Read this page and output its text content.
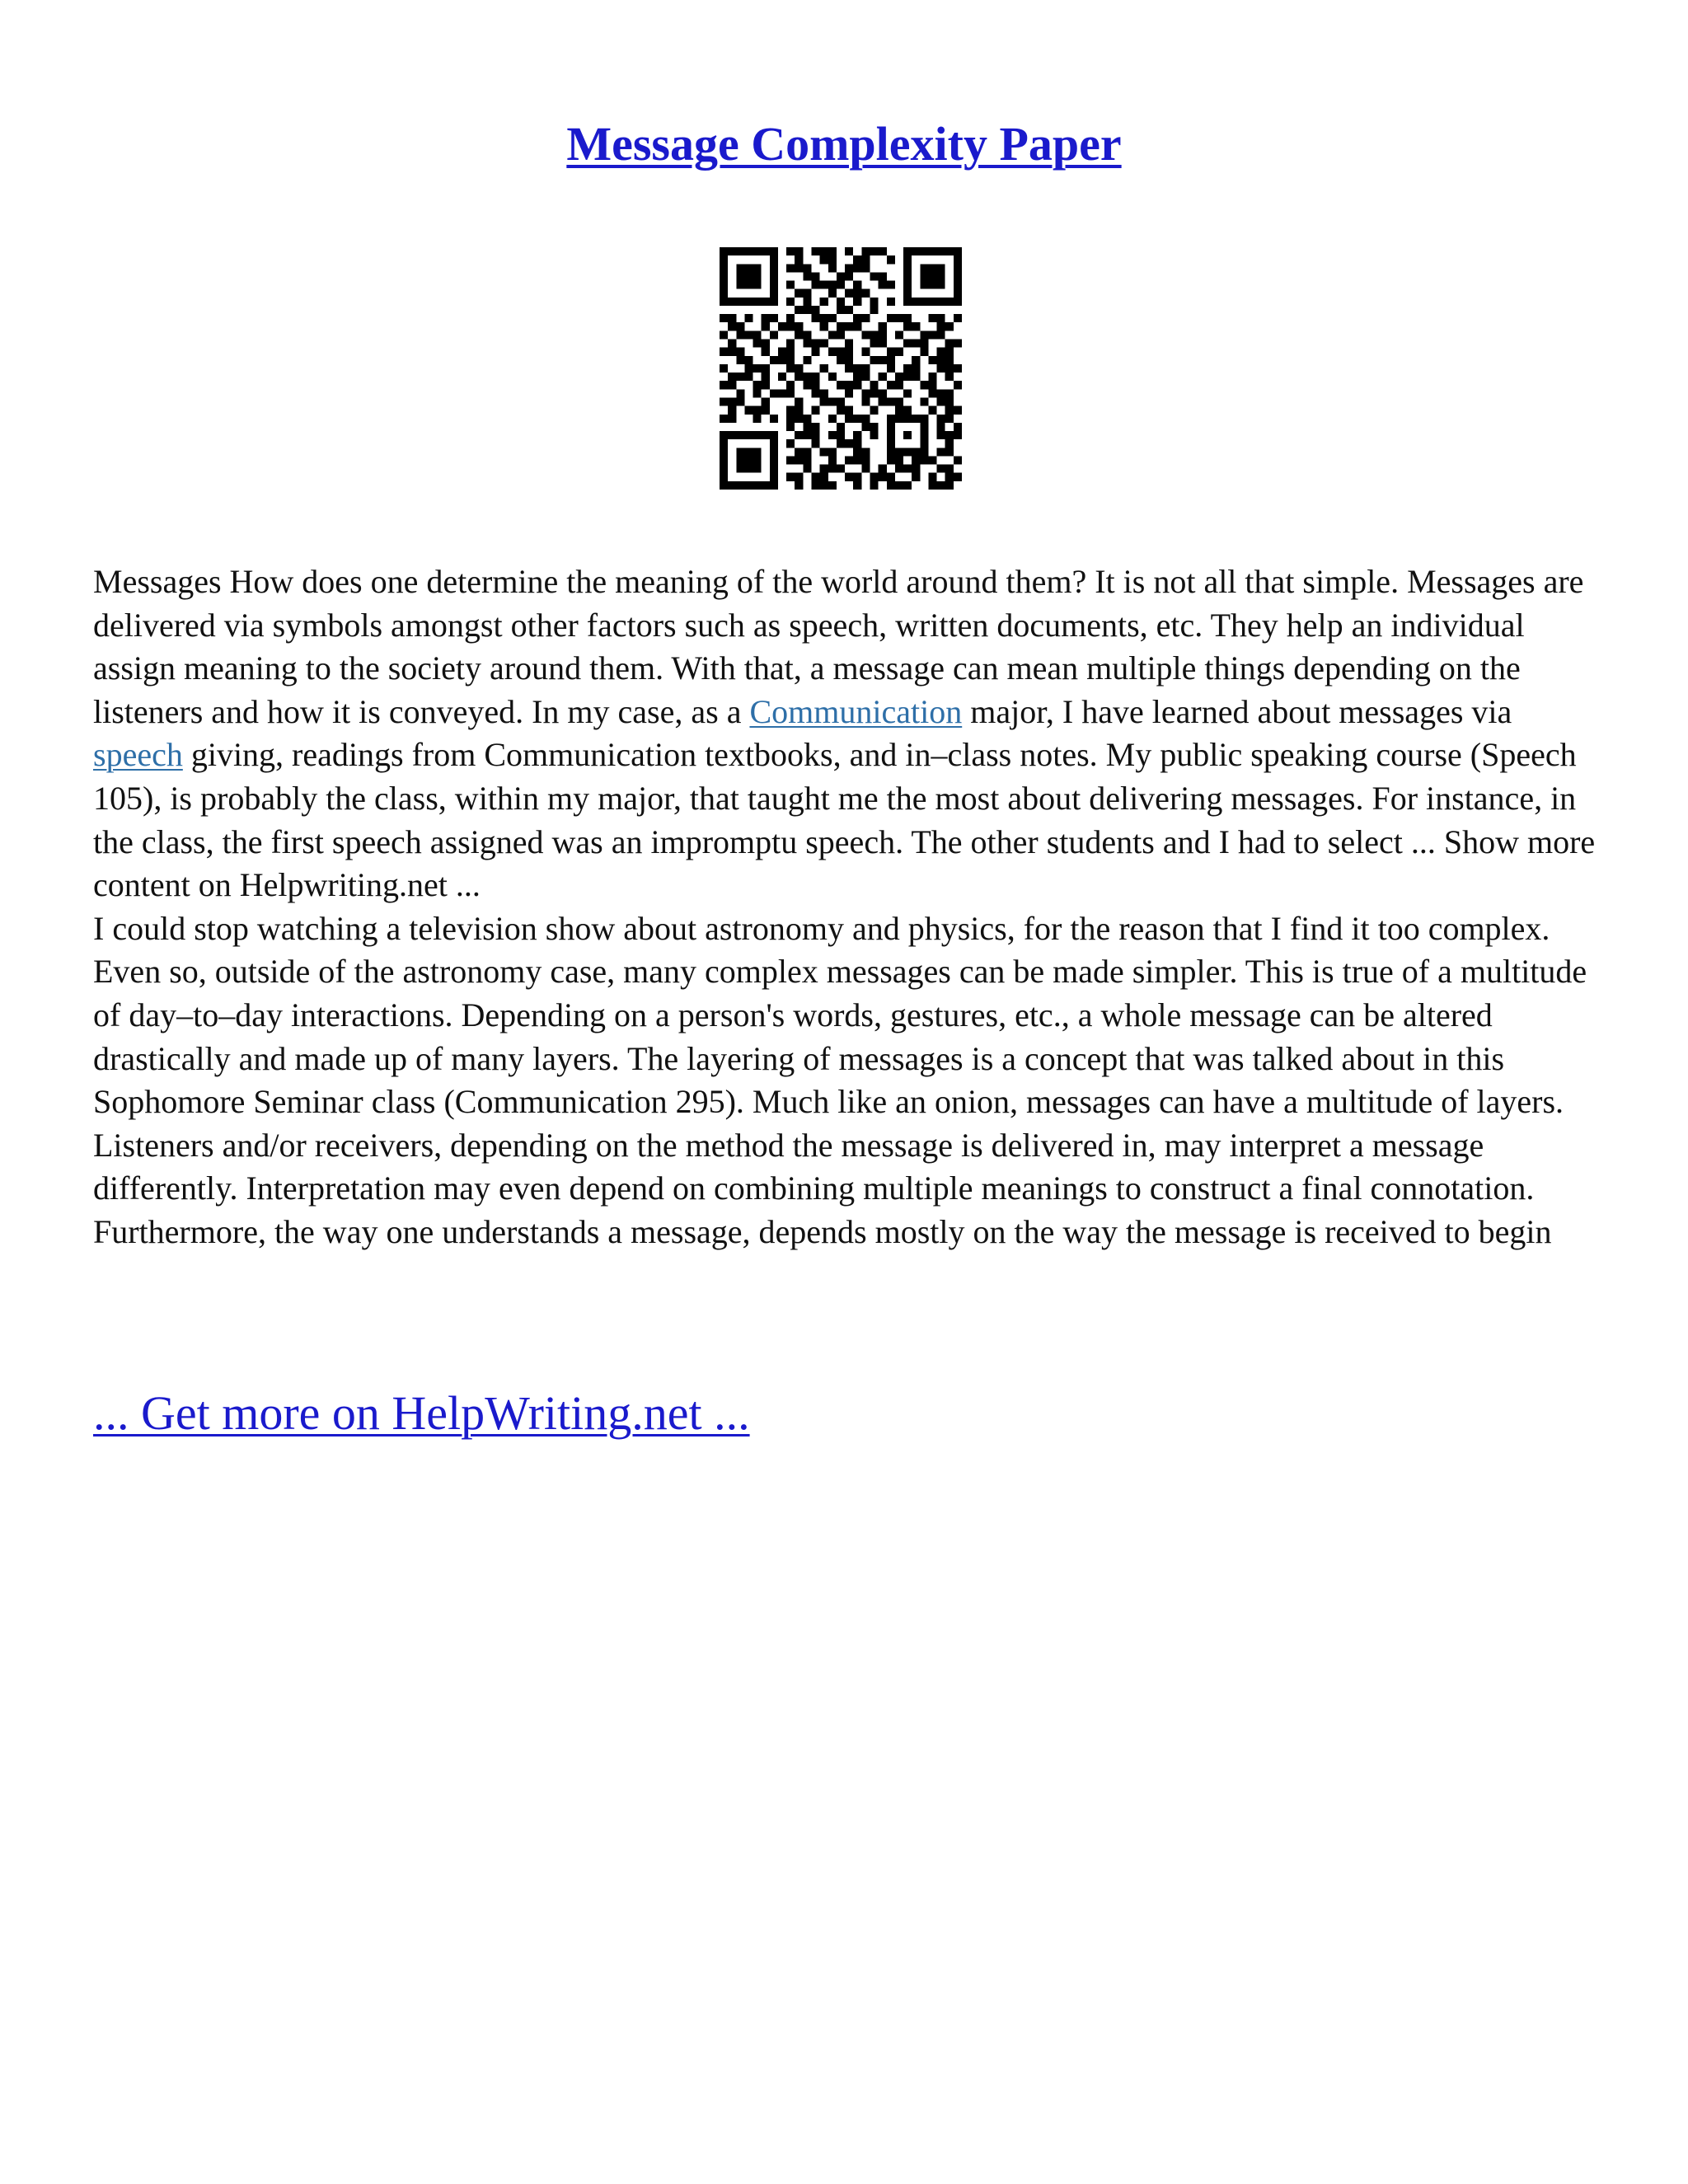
Message Complexity Paper

Messages How does one determine the meaning of the world around them? It is not all that simple. Messages are delivered via symbols amongst other factors such as speech, written documents, etc. They help an individual assign meaning to the society around them. With that, a message can mean multiple things depending on the listeners and how it is conveyed. In my case, as a Communication major, I have learned about messages via speech giving, readings from Communication textbooks, and in–class notes. My public speaking course (Speech 105), is probably the class, within my major, that taught me the most about delivering messages. For instance, in the class, the first speech assigned was an impromptu speech. The other students and I had to select ... Show more content on Helpwriting.net ...

I could stop watching a television show about astronomy and physics, for the reason that I find it too complex. Even so, outside of the astronomy case, many complex messages can be made simpler. This is true of a multitude of day–to–day interactions. Depending on a person's words, gestures, etc., a whole message can be altered drastically and made up of many layers. The layering of messages is a concept that was talked about in this Sophomore Seminar class (Communication 295). Much like an onion, messages can have a multitude of layers. Listeners and/or receivers, depending on the method the message is delivered in, may interpret a message differently. Interpretation may even depend on combining multiple meanings to construct a final connotation. Furthermore, the way one understands a message, depends mostly on the way the message is received to begin

... Get more on HelpWriting.net ...
